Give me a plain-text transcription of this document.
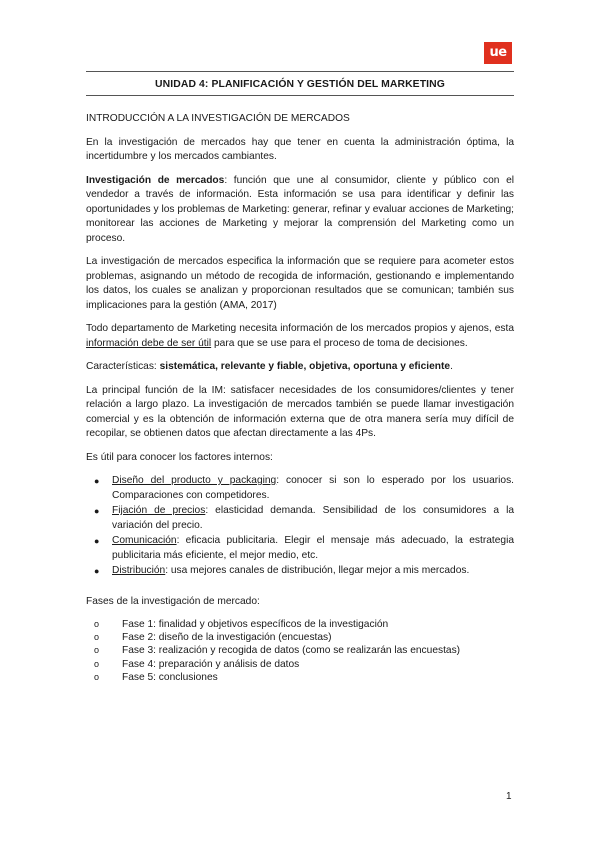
ue
UNIDAD 4: PLANIFICACIÓN Y GESTIÓN DEL MARKETING
INTRODUCCIÓN A LA INVESTIGACIÓN DE MERCADOS

En la investigación de mercados hay que tener en cuenta la administración óptima, la incertidumbre y los mercados cambiantes.

Investigación de mercados: función que une al consumidor, cliente y público con el vendedor a través de información. Esta información se usa para identificar y definir las oportunidades y los problemas de Marketing: generar, refinar y evaluar acciones de Marketing; monitorear las acciones de Marketing y mejorar la comprensión del Marketing como un proceso.

La investigación de mercados especifica la información que se requiere para acometer estos problemas, asignando un método de recogida de información, gestionando e implementando los datos, los cuales se analizan y proporcionan resultados que se comunican; también sus implicaciones para la gestión (AMA, 2017)

Todo departamento de Marketing necesita información de los mercados propios y ajenos, esta información debe de ser útil para que se use para el proceso de toma de decisiones.

Características: sistemática, relevante y fiable, objetiva, oportuna y eficiente.

La principal función de la IM: satisfacer necesidades de los consumidores/clientes y tener relación a largo plazo. La investigación de mercados también se puede llamar investigación comercial y es la obtención de información externa que de otra manera sería muy difícil de recopilar, se obtienen datos que afectan directamente a las 4Ps.

Es útil para conocer los factores internos:

● Diseño del producto y packaging: conocer si son lo esperado por los usuarios. Comparaciones con competidores.
● Fijación de precios: elasticidad demanda. Sensibilidad de los consumidores a la variación del precio.
● Comunicación: eficacia publicitaria. Elegir el mensaje más adecuado, la estrategia publicitaria más eficiente, el mejor medio, etc.
● Distribución: usa mejores canales de distribución, llegar mejor a mis mercados.

Fases de la investigación de mercado:

o Fase 1: finalidad y objetivos específicos de la investigación
o Fase 2: diseño de la investigación (encuestas)
o Fase 3: realización y recogida de datos (como se realizarán las encuestas)
o Fase 4: preparación y análisis de datos
o Fase 5: conclusiones
1
